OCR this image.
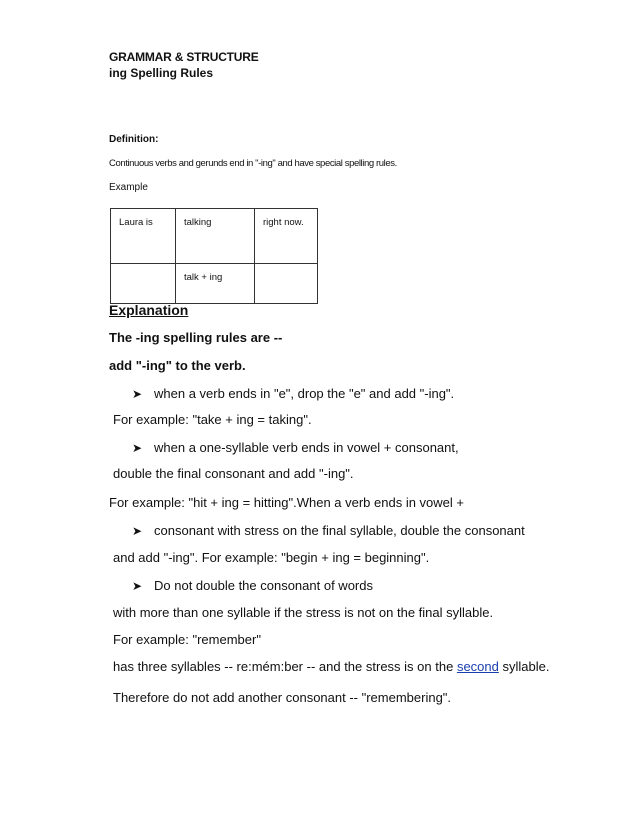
GRAMMAR & STRUCTURE
ing Spelling Rules
Definition:
Continuous verbs and gerunds end in "-ing" and have special spelling rules.
Example
Laura is	talking	right now.
	talk + ing	
Explanation
The -ing spelling rules are --
add "-ing" to the verb.
➤ when a verb ends in "e", drop the "e" and add "-ing".
For example: "take + ing = taking".
➤ when a one-syllable verb ends in vowel + consonant,
double the final consonant and add "-ing".
For example: "hit + ing = hitting".When a verb ends in vowel +
➤ consonant with stress on the final syllable, double the consonant
and add "-ing". For example: "begin + ing = beginning".
➤ Do not double the consonant of words
with more than one syllable if the stress is not on the final syllable.
For example: "remember"
has three syllables -- re:mém:ber -- and the stress is on the second syllable.
Therefore do not add another consonant -- "remembering".
